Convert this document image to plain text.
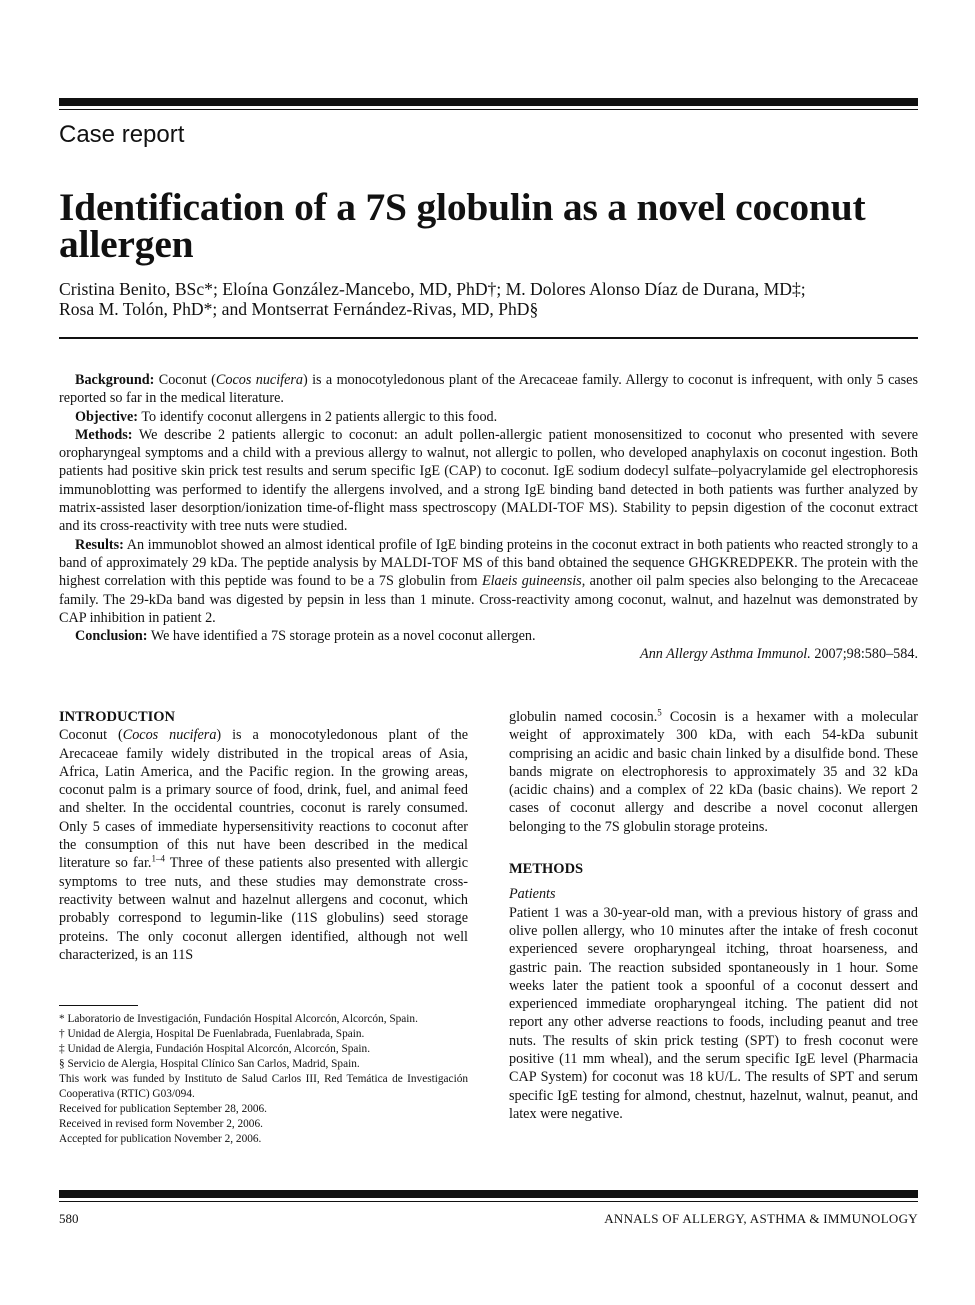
Case report
Identification of a 7S globulin as a novel coconut allergen
Cristina Benito, BSc*; Eloína González-Mancebo, MD, PhD†; M. Dolores Alonso Díaz de Durana, MD‡;
Rosa M. Tolón, PhD*; and Montserrat Fernández-Rivas, MD, PhD§

Background: Coconut (Cocos nucifera) is a monocotyledonous plant of the Arecaceae family. Allergy to coconut is infrequent, with only 5 cases reported so far in the medical literature.

Objective: To identify coconut allergens in 2 patients allergic to this food.

Methods: We describe 2 patients allergic to coconut: an adult pollen-allergic patient monosensitized to coconut who presented with severe oropharyngeal symptoms and a child with a previous allergy to walnut, not allergic to pollen, who developed anaphylaxis on coconut ingestion. Both patients had positive skin prick test results and serum specific IgE (CAP) to coconut. IgE sodium dodecyl sulfate–polyacrylamide gel electrophoresis immunoblotting was performed to identify the allergens involved, and a strong IgE binding band detected in both patients was further analyzed by matrix-assisted laser desorption/ionization time-of-flight mass spectroscopy (MALDI-TOF MS). Stability to pepsin digestion of the coconut extract and its cross-reactivity with tree nuts were studied.

Results: An immunoblot showed an almost identical profile of IgE binding proteins in the coconut extract in both patients who reacted strongly to a band of approximately 29 kDa. The peptide analysis by MALDI-TOF MS of this band obtained the sequence GHGKREDPEKR. The protein with the highest correlation with this peptide was found to be a 7S globulin from Elaeis guineensis, another oil palm species also belonging to the Arecaceae family. The 29-kDa band was digested by pepsin in less than 1 minute. Cross-reactivity among coconut, walnut, and hazelnut was demonstrated by CAP inhibition in patient 2.

Conclusion: We have identified a 7S storage protein as a novel coconut allergen.

Ann Allergy Asthma Immunol. 2007;98:580–584.

INTRODUCTION

Coconut (Cocos nucifera) is a monocotyledonous plant of the Arecaceae family widely distributed in the tropical areas of Asia, Africa, Latin America, and the Pacific region. In the growing areas, coconut palm is a primary source of food, drink, fuel, and animal feed and shelter. In the occidental countries, coconut is rarely consumed. Only 5 cases of immediate hypersensitivity reactions to coconut after the consumption of this nut have been described in the medical literature so far.$^{1-4}$ Three of these patients also presented with allergic symptoms to tree nuts, and these studies may demonstrate cross-reactivity between walnut and hazelnut allergens and coconut, which probably correspond to legumin-like (11S globulins) seed storage proteins. The only coconut allergen identified, although not well characterized, is an 11S

* Laboratorio de Investigación, Fundación Hospital Alcorcón, Alcorcón, Spain.

† Unidad de Alergia, Hospital De Fuenlabrada, Fuenlabrada, Spain.

‡ Unidad de Alergia, Fundación Hospital Alcorcón, Alcorcón, Spain.

§ Servicio de Alergia, Hospital Clínico San Carlos, Madrid, Spain.

This work was funded by Instituto de Salud Carlos III, Red Temática de Investigación Cooperativa (RTIC) G03/094.

Received for publication September 28, 2006.

Received in revised form November 2, 2006.

Accepted for publication November 2, 2006.

globulin named cocosin.$^5$ Cocosin is a hexamer with a molecular weight of approximately 300 kDa, with each 54-kDa subunit comprising an acidic and basic chain linked by a disulfide bond. These bands migrate on electrophoresis to approximately 35 and 32 kDa (acidic chains) and a complex of 22 kDa (basic chains). We report 2 cases of coconut allergy and describe a novel coconut allergen belonging to the 7S globulin storage proteins.

METHODS

Patients

Patient 1 was a 30-year-old man, with a previous history of grass and olive pollen allergy, who 10 minutes after the intake of fresh coconut experienced severe oropharyngeal itching, throat hoarseness, and gastric pain. The reaction subsided spontaneously in 1 hour. Some weeks later the patient took a spoonful of a coconut dessert and experienced immediate oropharyngeal itching. The patient did not report any other adverse reactions to foods, including peanut and tree nuts. The results of skin prick testing (SPT) to fresh coconut were positive (11 mm wheal), and the serum specific IgE level (Pharmacia CAP System) for coconut was 18 kU/L. The results of SPT and serum specific IgE testing for almond, chestnut, hazelnut, walnut, peanut, and latex were negative.

580	ANNALS OF ALLERGY, ASTHMA & IMMUNOLOGY
